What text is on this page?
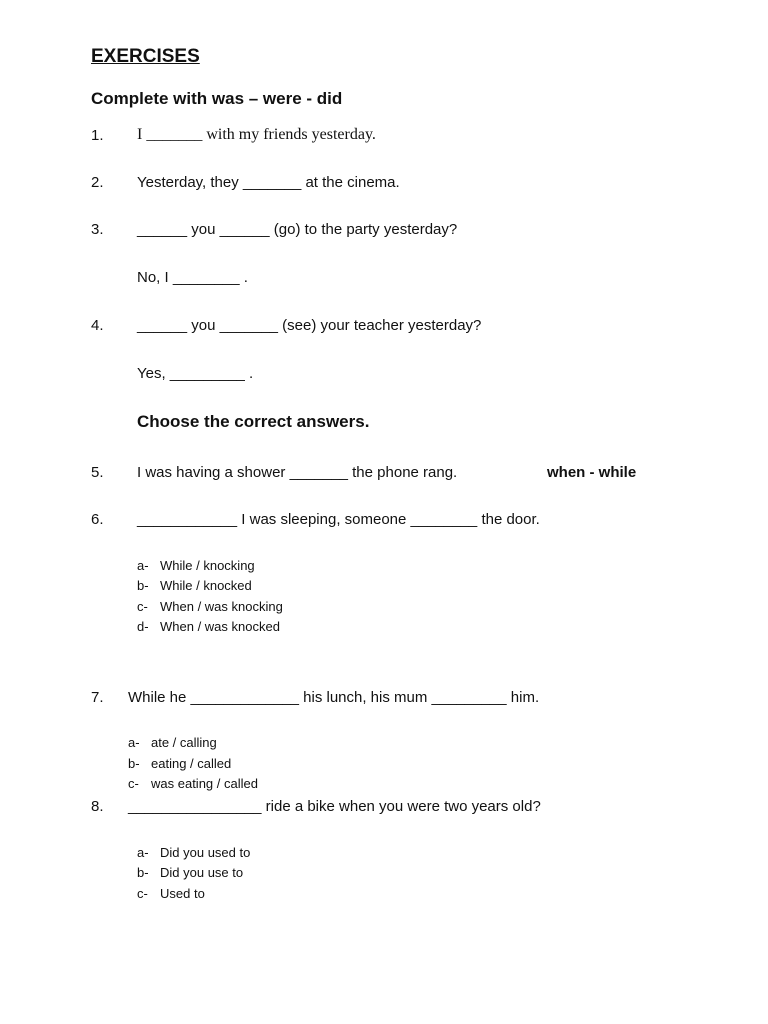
EXERCISES
Complete with was – were - did
1. I _______ with my friends yesterday.
2. Yesterday, they _______ at the cinema.
3. ______ you ______ (go) to the party yesterday?
No, I ________ .
4. ______ you _______ (see) your teacher yesterday?
Yes, _________ .
Choose the correct answers.
5. I was having a shower _______ the phone rang.	when - while
6. ____________ I was sleeping, someone ________ the door.
a- While / knocking
b- While / knocked
c- When / was knocking
d- When / was knocked
7. While he _____________ his lunch, his mum _________ him.
a- ate / calling
b- eating / called
c- was eating / called
8. ________________ ride a bike when you were two years old?
a- Did you used to
b- Did you use to
c- Used to
